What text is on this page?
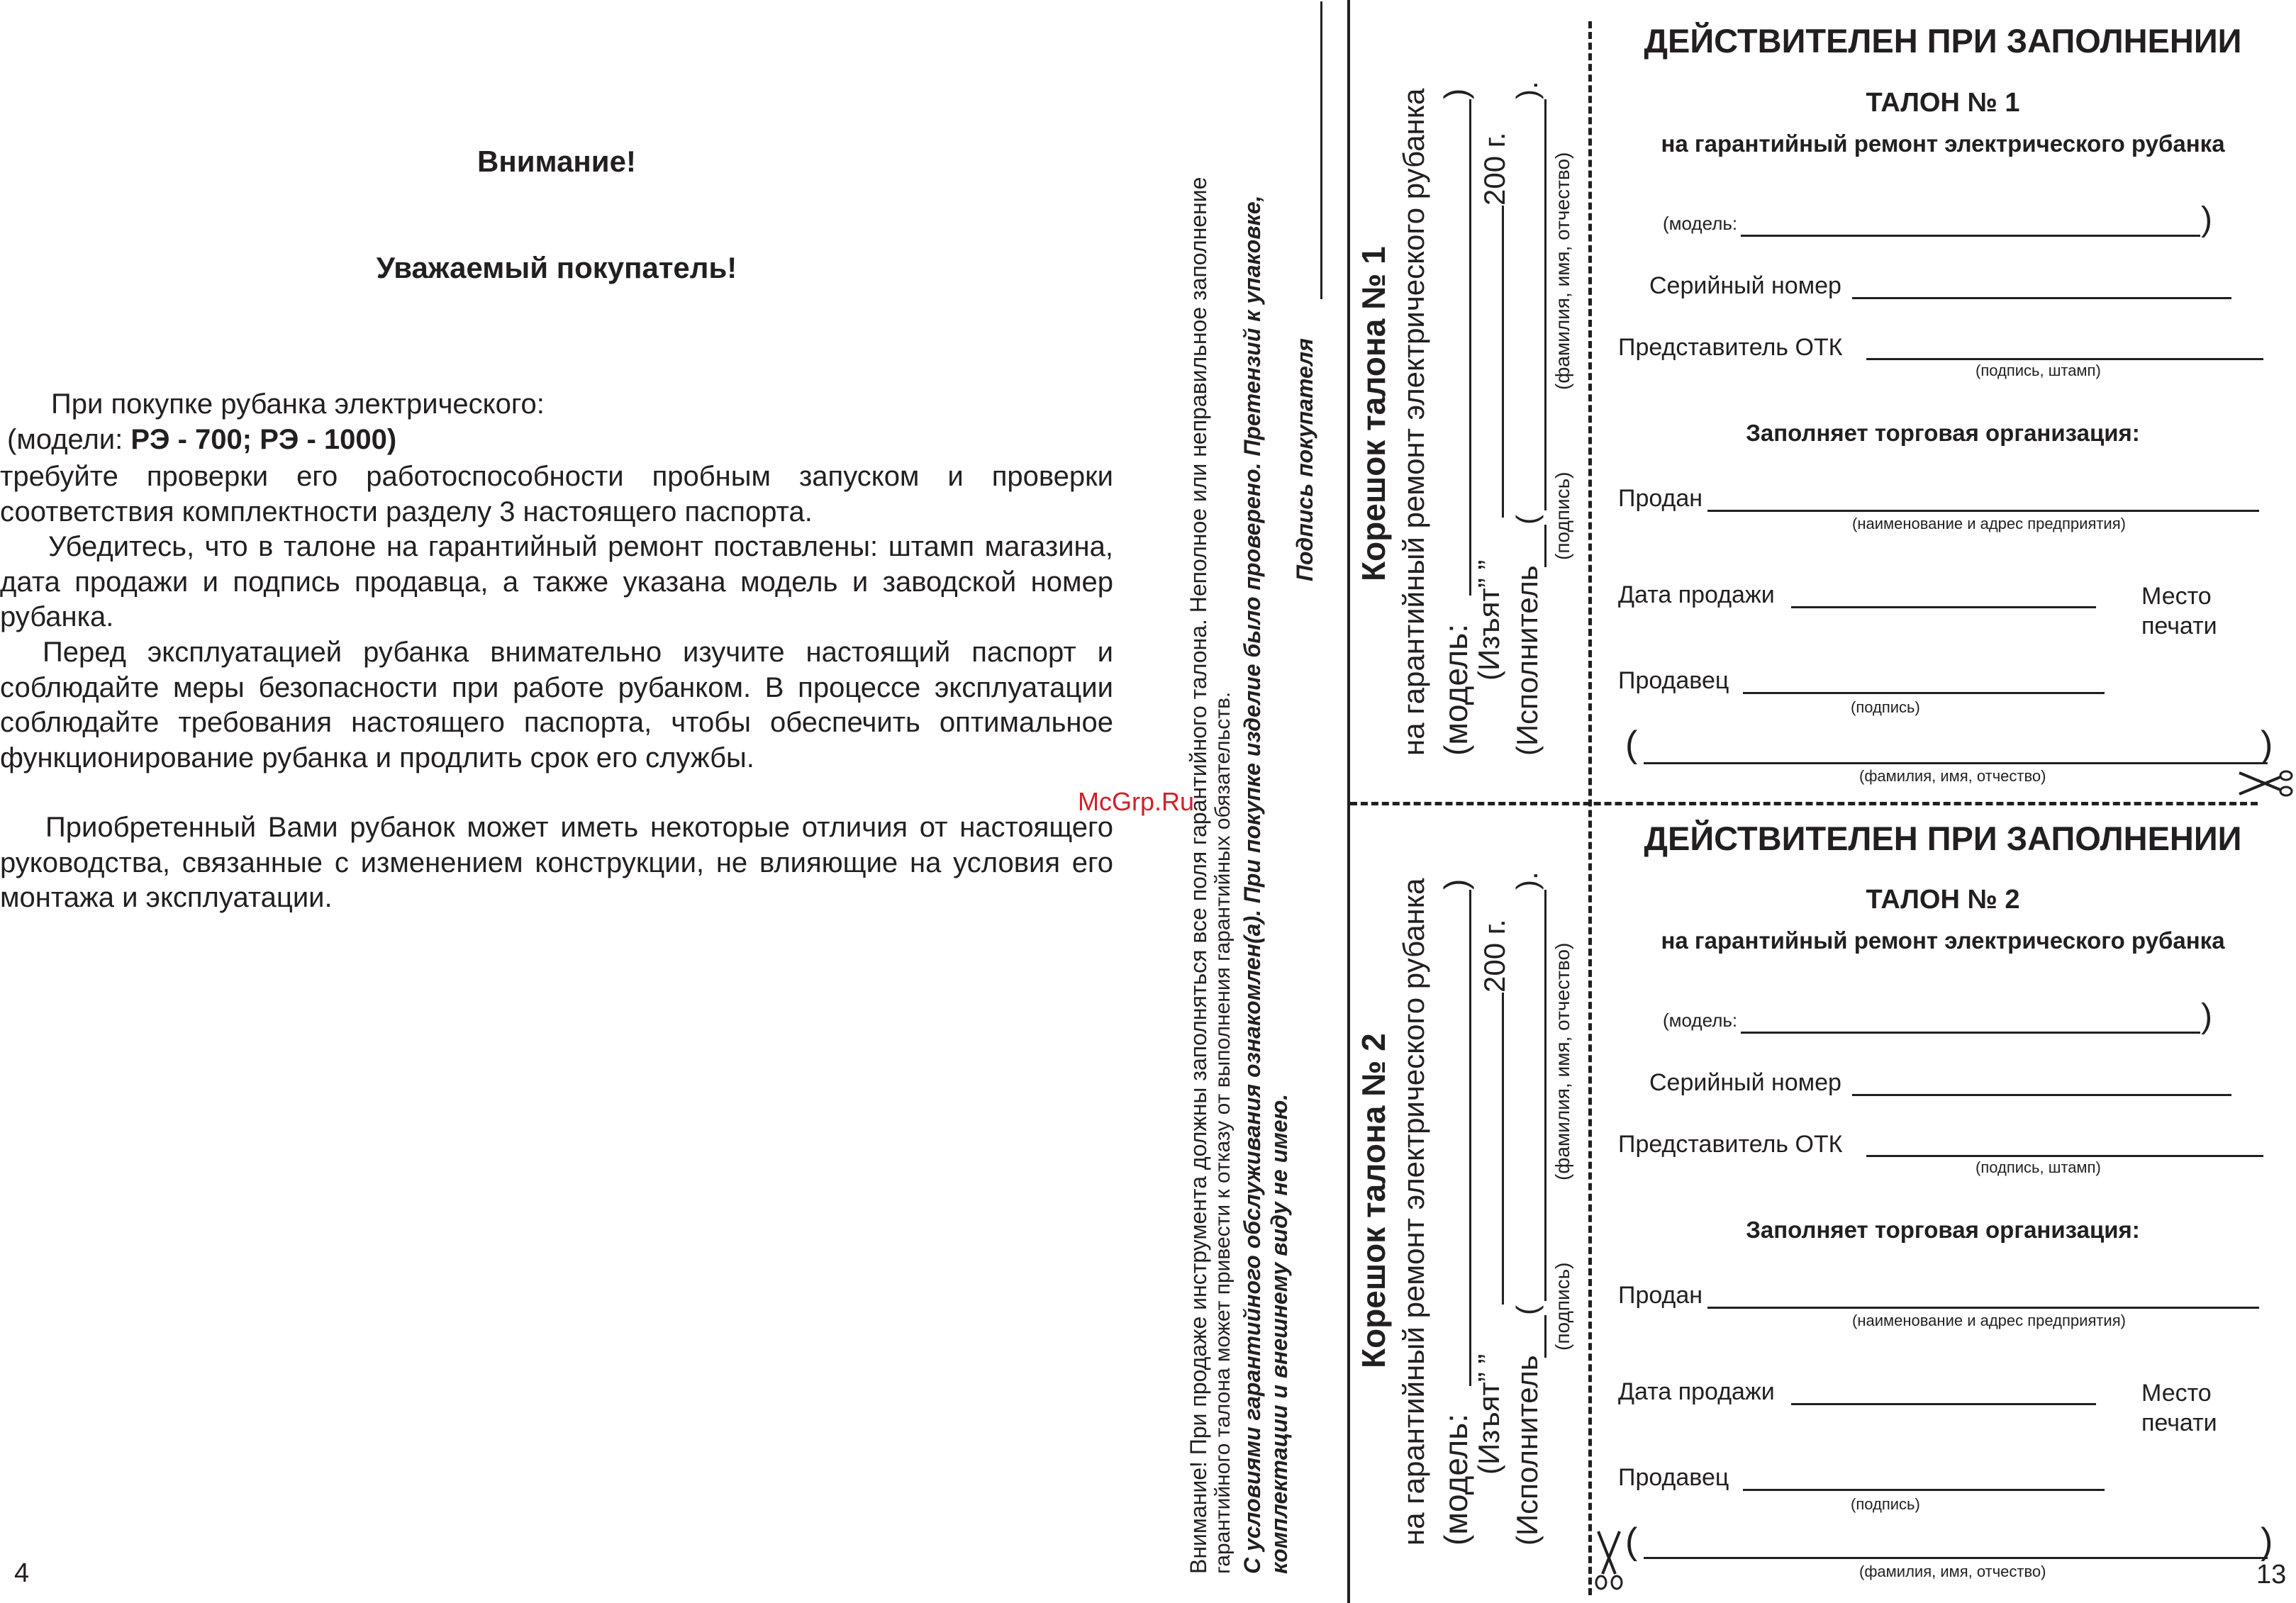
Внимание!
Уважаемый покупатель!
При покупке рубанка электрического:
(модели: РЭ - 700; РЭ - 1000)
требуйте проверки его работоспособности пробным запуском и проверки соответствия комплектности разделу 3 настоящего паспорта.
Убедитесь, что в талоне на гарантийный ремонт поставлены: штамп магазина, дата продажи и подпись продавца, а также указана модель и заводской номер рубанка.
Перед эксплуатацией рубанка внимательно изучите настоящий паспорт и соблюдайте меры безопасности при работе рубанком. В процессе эксплуатации соблюдайте требования настоящего паспорта, чтобы обеспечить оптимальное функционирование рубанка и продлить срок его службы.
Приобретенный Вами рубанок может иметь некоторые отличия от настоящего руководства, связанные с изменением конструкции, не влияющие на условия его монтажа и эксплуатации.
4
McGrp.Ru
Внимание! При продаже инструмента должны заполняться все поля гарантийного талона. Неполное или неправильное заполнение гарантийного талона может привести к отказу от выполнения гарантийных обязательств. С условиями гарантийного обслуживания ознакомлен(а). При покупке изделие было проверено. Претензий к упаковке, комплектации и внешнему виду не имею.
Подпись покупателя Корешок талона № 1 на гарантийный ремонт электрического рубанка (модель:
)
(Изъят” ”
200 г.
(Исполнитель
(
).
(подпись)
(фамилия, имя, отчество)
Корешок талона № 2 на гарантийный ремонт электрического рубанка (модель:
)
(Изъят” ”
200 г.
(Исполнитель
(
).
(подпись)
(фамилия, имя, отчество)
ДЕЙСТВИТЕЛЕН ПРИ ЗАПОЛНЕНИИ
ТАЛОН № 1
на гарантийный ремонт электрического рубанка
(модель:	)
Серийный номер
Представитель ОТК
(подпись, штамп)
Заполняет торговая организация:
Продан
(наименование и адрес предприятия)
Дата продажи	Место
печати
Продавец
(подпись)
(	)
(фамилия, имя, отчество)
ДЕЙСТВИТЕЛЕН ПРИ ЗАПОЛНЕНИИ
ТАЛОН № 2
на гарантийный ремонт электрического рубанка
(модель:	)
Серийный номер
Представитель ОТК
(подпись, штамп)
Заполняет торговая организация:
Продан
(наименование и адрес предприятия)
Дата продажи	Место
печати
Продавец
(подпись)
(	)
(фамилия, имя, отчество)	13
